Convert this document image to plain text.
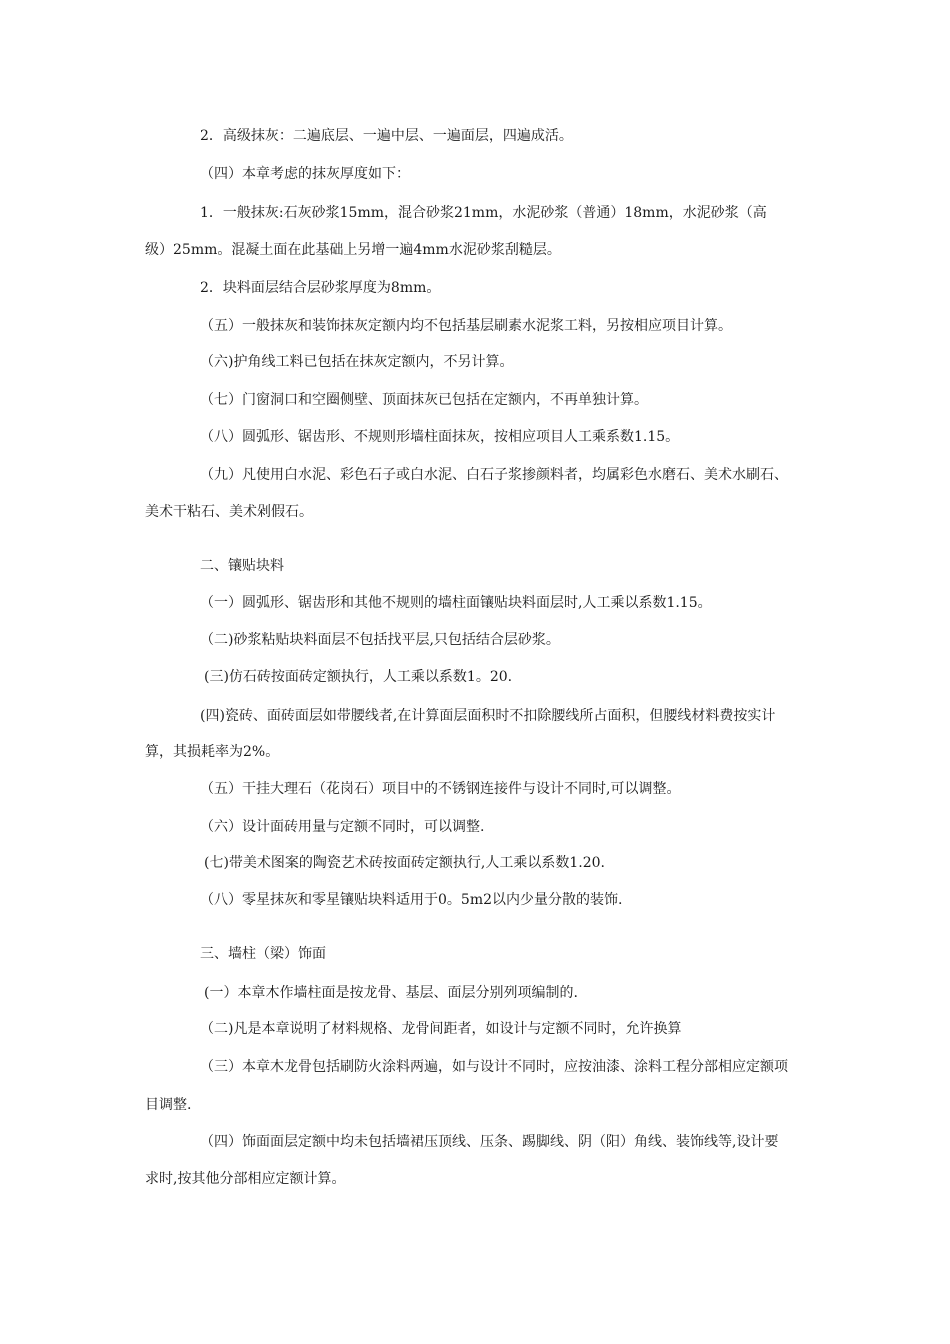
2．高级抹灰：二遍底层、一遍中层、一遍面层，四遍成活。
（四）本章考虑的抹灰厚度如下：
1．一般抹灰:石灰砂浆15mm，混合砂浆21mm，水泥砂浆（普通）18mm，水泥砂浆（高
级）25mm。混凝土面在此基础上另增一遍4mm水泥砂浆刮糙层。
2．块料面层结合层砂浆厚度为8mm。
（五）一般抹灰和装饰抹灰定额内均不包括基层刷素水泥浆工料，另按相应项目计算。
（六)护角线工料已包括在抹灰定额内，不另计算。
（七）门窗洞口和空圈侧壁、顶面抹灰已包括在定额内，不再单独计算。
（八）圆弧形、锯齿形、不规则形墙柱面抹灰，按相应项目人工乘系数1.15。
（九）凡使用白水泥、彩色石子或白水泥、白石子浆掺颜料者，均属彩色水磨石、美术水刷石、
美术干粘石、美术剁假石。
二、镶贴块料
（一）圆弧形、锯齿形和其他不规则的墙柱面镶贴块料面层时,人工乘以系数1.15。
（二)砂浆粘贴块料面层不包括找平层,只包括结合层砂浆。
(三)仿石砖按面砖定额执行，人工乘以系数1。20.
(四)瓷砖、面砖面层如带腰线者,在计算面层面积时不扣除腰线所占面积，但腰线材料费按实计
算，其损耗率为2%。
（五）干挂大理石（花岗石）项目中的不锈钢连接件与设计不同时,可以调整。
（六）设计面砖用量与定额不同时，可以调整.
(七)带美术图案的陶瓷艺术砖按面砖定额执行,人工乘以系数1.20.
（八）零星抹灰和零星镶贴块料适用于0。5m2以内少量分散的装饰.
三、墙柱（梁）饰面
(一）本章木作墙柱面是按龙骨、基层、面层分别列项编制的.
（二)凡是本章说明了材料规格、龙骨间距者，如设计与定额不同时，允许换算
（三）本章木龙骨包括刷防火涂料两遍，如与设计不同时，应按油漆、涂料工程分部相应定额项
目调整.
（四）饰面面层定额中均未包括墙裙压顶线、压条、踢脚线、阴（阳）角线、装饰线等,设计要
求时,按其他分部相应定额计算。
